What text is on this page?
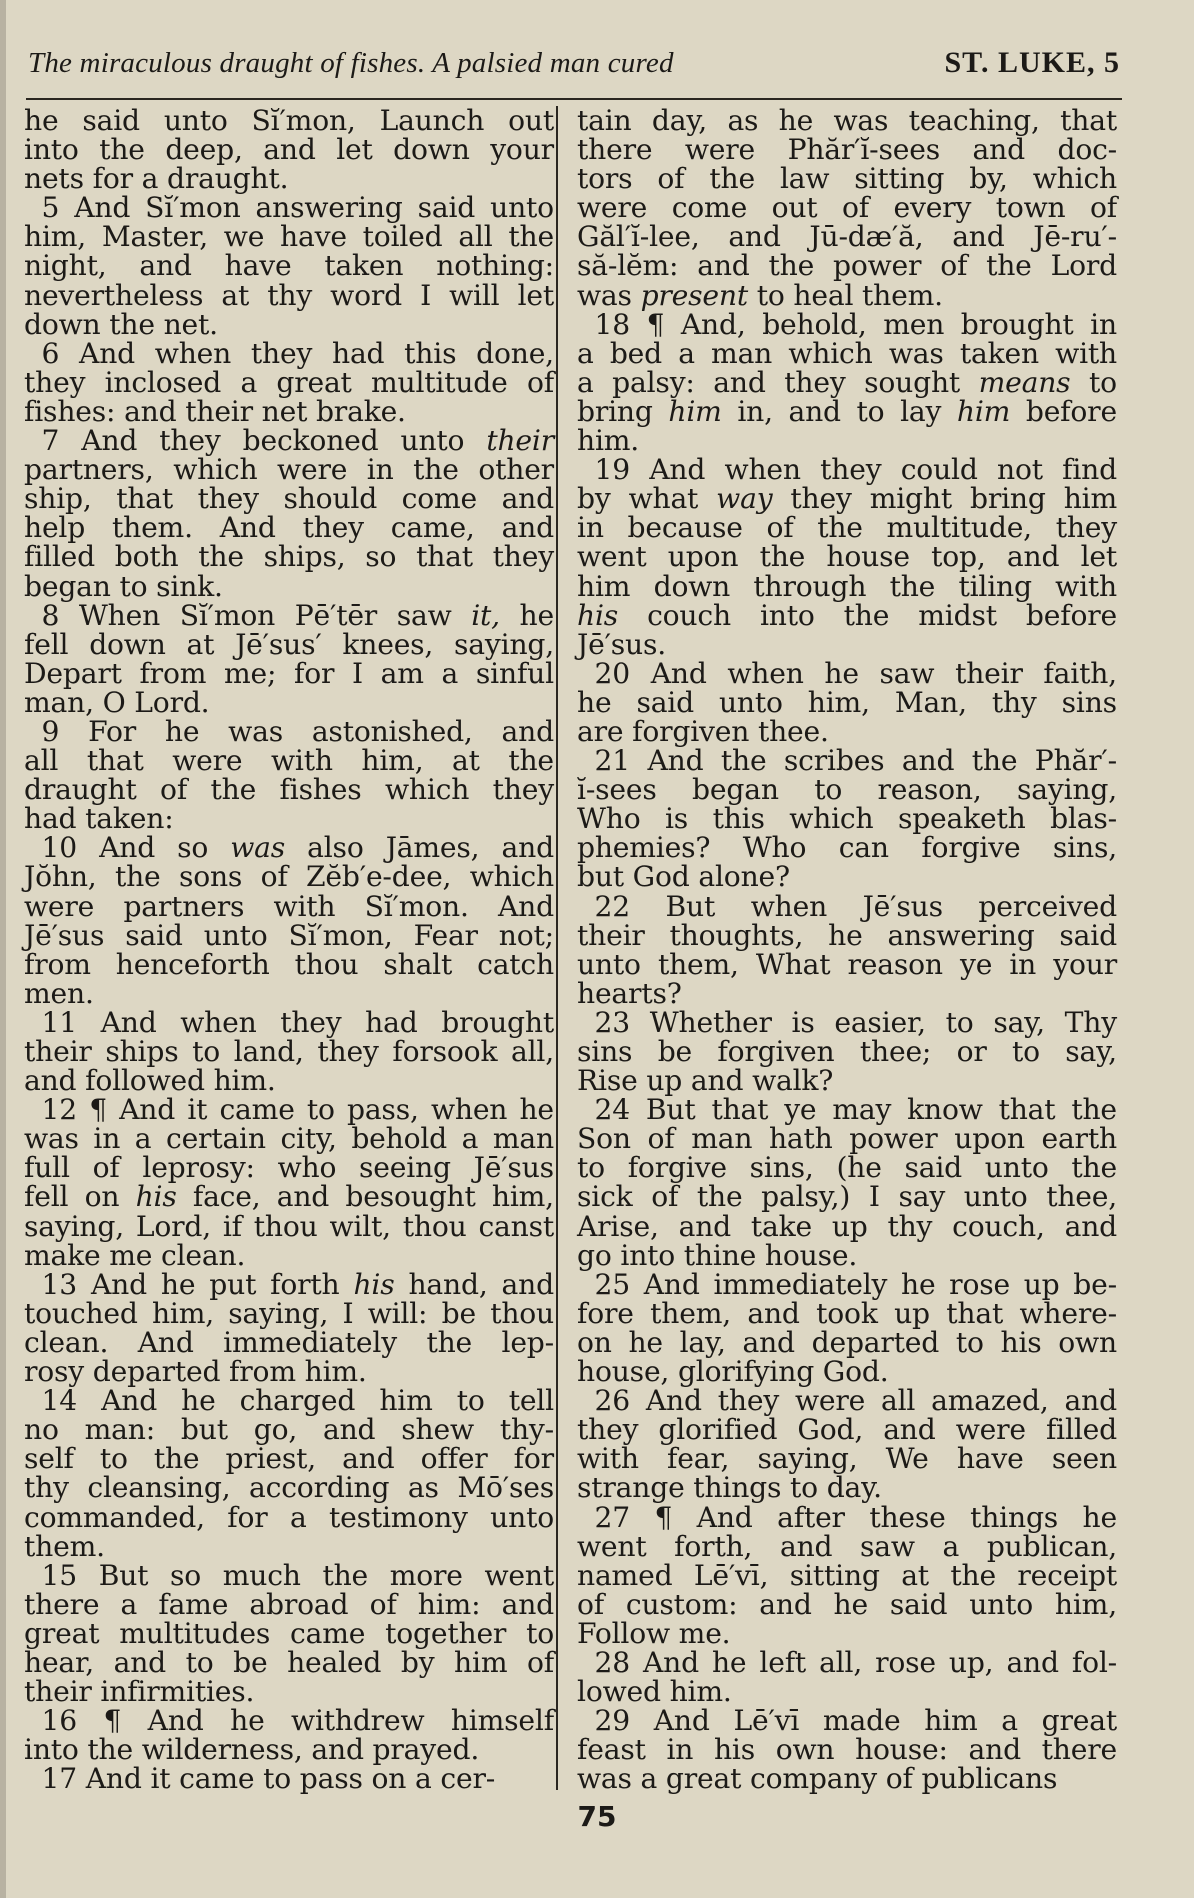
The miraculous draught of fishes. A palsied man cured	ST. LUKE, 5
he said unto Sĭ′mon, Launch out
into the deep, and let down your
nets for a draught.
5 And Sĭ′mon answering said unto
him, Master, we have toiled all the
night, and have taken nothing:
nevertheless at thy word I will let
down the net.
6 And when they had this done,
they inclosed a great multitude of
fishes: and their net brake.
7 And they beckoned unto their
partners, which were in the other
ship, that they should come and
help them. And they came, and
filled both the ships, so that they
began to sink.
8 When Sĭ′mon Pē′tēr saw it, he
fell down at Jē′sus′ knees, saying,
Depart from me; for I am a sinful
man, O Lord.
9 For he was astonished, and
all that were with him, at the
draught of the fishes which they
had taken:
10 And so was also Jāmes, and
Jŏhn, the sons of Zĕb′e-dee, which
were partners with Sĭ′mon. And
Jē′sus said unto Sĭ′mon, Fear not;
from henceforth thou shalt catch
men.
11 And when they had brought
their ships to land, they forsook all,
and followed him.
12 ¶ And it came to pass, when he
was in a certain city, behold a man
full of leprosy: who seeing Jē′sus
fell on his face, and besought him,
saying, Lord, if thou wilt, thou canst
make me clean.
13 And he put forth his hand, and
touched him, saying, I will: be thou
clean. And immediately the lep-
rosy departed from him.
14 And he charged him to tell
no man: but go, and shew thy-
self to the priest, and offer for
thy cleansing, according as Mō′ses
commanded, for a testimony unto
them.
15 But so much the more went
there a fame abroad of him: and
great multitudes came together to
hear, and to be healed by him of
their infirmities.
16 ¶ And he withdrew himself
into the wilderness, and prayed.
17 And it came to pass on a cer-
tain day, as he was teaching, that
there were Phăr′ĭ-sees and doc-
tors of the law sitting by, which
were come out of every town of
Găl′ĭ-lee, and Jū-dæ′ă, and Jē-ru′-
să-lĕm: and the power of the Lord
was present to heal them.
18 ¶ And, behold, men brought in
a bed a man which was taken with
a palsy: and they sought means to
bring him in, and to lay him before
him.
19 And when they could not find
by what way they might bring him
in because of the multitude, they
went upon the house top, and let
him down through the tiling with
his couch into the midst before
Jē′sus.
20 And when he saw their faith,
he said unto him, Man, thy sins
are forgiven thee.
21 And the scribes and the Phăr′-
ĭ-sees began to reason, saying,
Who is this which speaketh blas-
phemies? Who can forgive sins,
but God alone?
22 But when Jē′sus perceived
their thoughts, he answering said
unto them, What reason ye in your
hearts?
23 Whether is easier, to say, Thy
sins be forgiven thee; or to say,
Rise up and walk?
24 But that ye may know that the
Son of man hath power upon earth
to forgive sins, (he said unto the
sick of the palsy,) I say unto thee,
Arise, and take up thy couch, and
go into thine house.
25 And immediately he rose up be-
fore them, and took up that where-
on he lay, and departed to his own
house, glorifying God.
26 And they were all amazed, and
they glorified God, and were filled
with fear, saying, We have seen
strange things to day.
27 ¶ And after these things he
went forth, and saw a publican,
named Lē′vī, sitting at the receipt
of custom: and he said unto him,
Follow me.
28 And he left all, rose up, and fol-
lowed him.
29 And Lē′vī made him a great
feast in his own house: and there
was a great company of publicans
75
